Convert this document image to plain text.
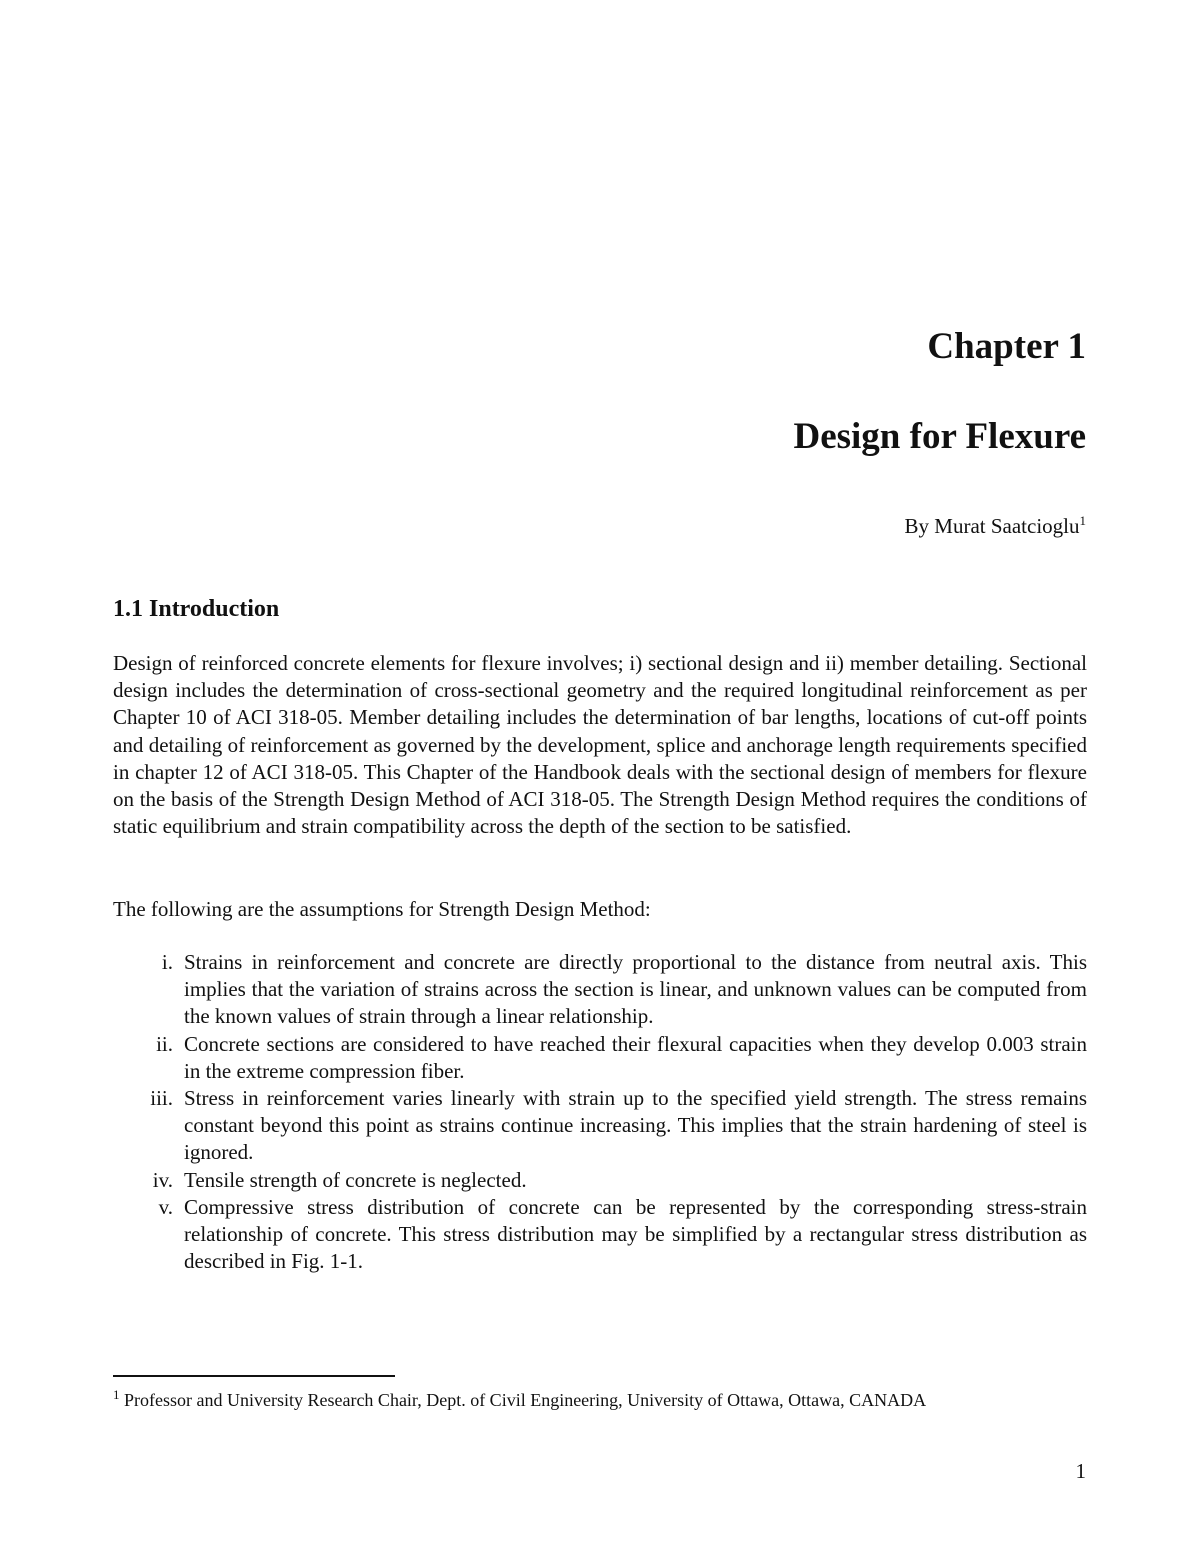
Chapter 1
Design for Flexure
By Murat Saatcioglu$^1$
1.1 Introduction

Design of reinforced concrete elements for flexure involves; i) sectional design and ii) member detailing. Sectional design includes the determination of cross-sectional geometry and the required longitudinal reinforcement as per Chapter 10 of ACI 318-05. Member detailing includes the determination of bar lengths, locations of cut-off points and detailing of reinforcement as governed by the development, splice and anchorage length requirements specified in chapter 12 of ACI 318-05. This Chapter of the Handbook deals with the sectional design of members for flexure on the basis of the Strength Design Method of ACI 318-05. The Strength Design Method requires the conditions of static equilibrium and strain compatibility across the depth of the section to be satisfied.

The following are the assumptions for Strength Design Method:

i. Strains in reinforcement and concrete are directly proportional to the distance from neutral axis. This implies that the variation of strains across the section is linear, and unknown values can be computed from the known values of strain through a linear relationship.
ii. Concrete sections are considered to have reached their flexural capacities when they develop 0.003 strain in the extreme compression fiber.
iii. Stress in reinforcement varies linearly with strain up to the specified yield strength. The stress remains constant beyond this point as strains continue increasing. This implies that the strain hardening of steel is ignored.
iv. Tensile strength of concrete is neglected.
v. Compressive stress distribution of concrete can be represented by the corresponding stress-strain relationship of concrete. This stress distribution may be simplified by a rectangular stress distribution as described in Fig. 1-1.
$^1$ Professor and University Research Chair, Dept. of Civil Engineering, University of Ottawa, Ottawa, CANADA
1
